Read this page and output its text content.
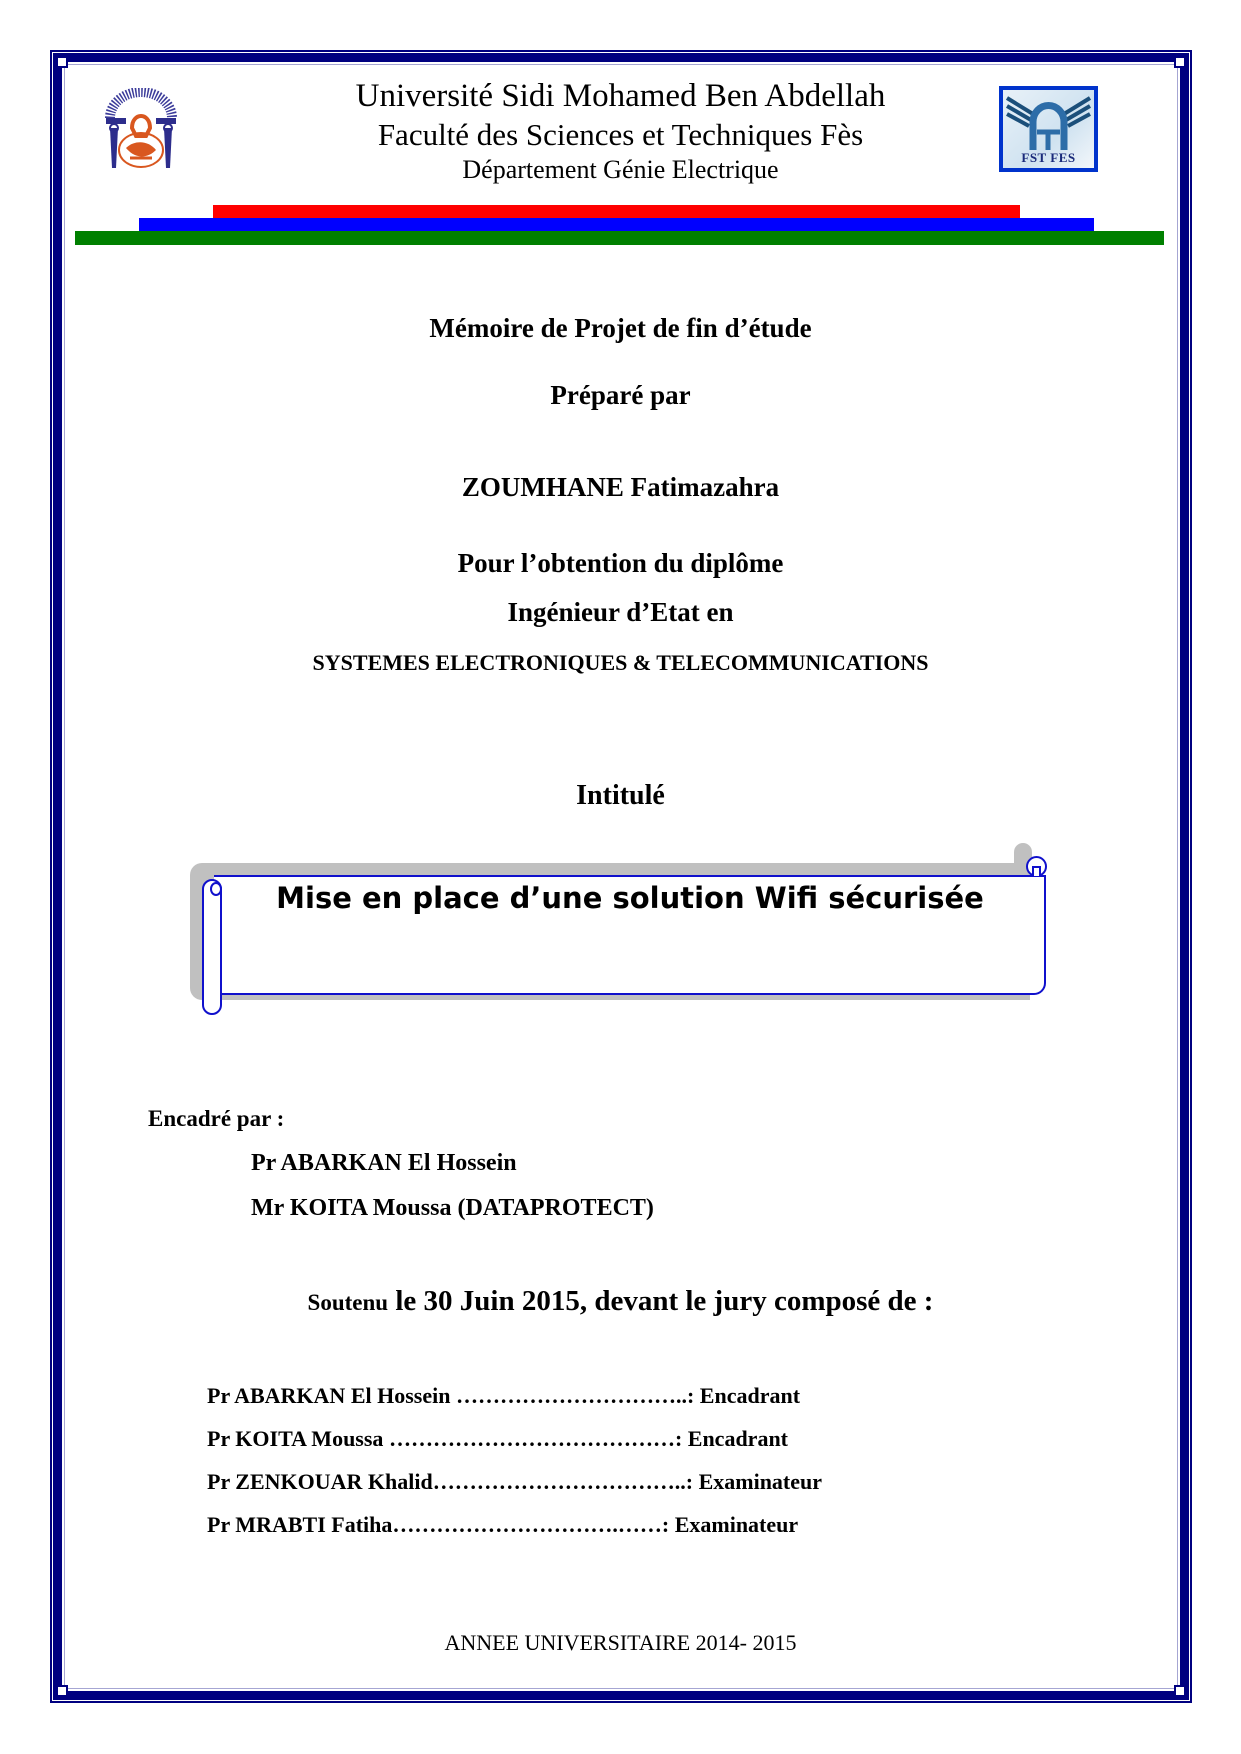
FST FES
Université Sidi Mohamed Ben Abdellah
Faculté des Sciences et Techniques Fès
Département Génie Electrique
Mémoire de Projet de fin d’étude
Préparé par
ZOUMHANE Fatimazahra
Pour l’obtention du diplôme
Ingénieur d’Etat en
SYSTEMES ELECTRONIQUES & TELECOMMUNICATIONS
Intitulé
Mise en place d’une solution Wifi sécurisée
Encadré par :
Pr ABARKAN El Hossein
Mr KOITA Moussa (DATAPROTECT)
Soutenu le 30 Juin 2015, devant le jury composé de :
Pr ABARKAN El Hossein …………………………..: Encadrant
Pr KOITA Moussa …………………………………: Encadrant
Pr ZENKOUAR Khalid……………………………..: Examinateur
Pr MRABTI Fatiha………………………….……: Examinateur
ANNEE UNIVERSITAIRE 2014- 2015
